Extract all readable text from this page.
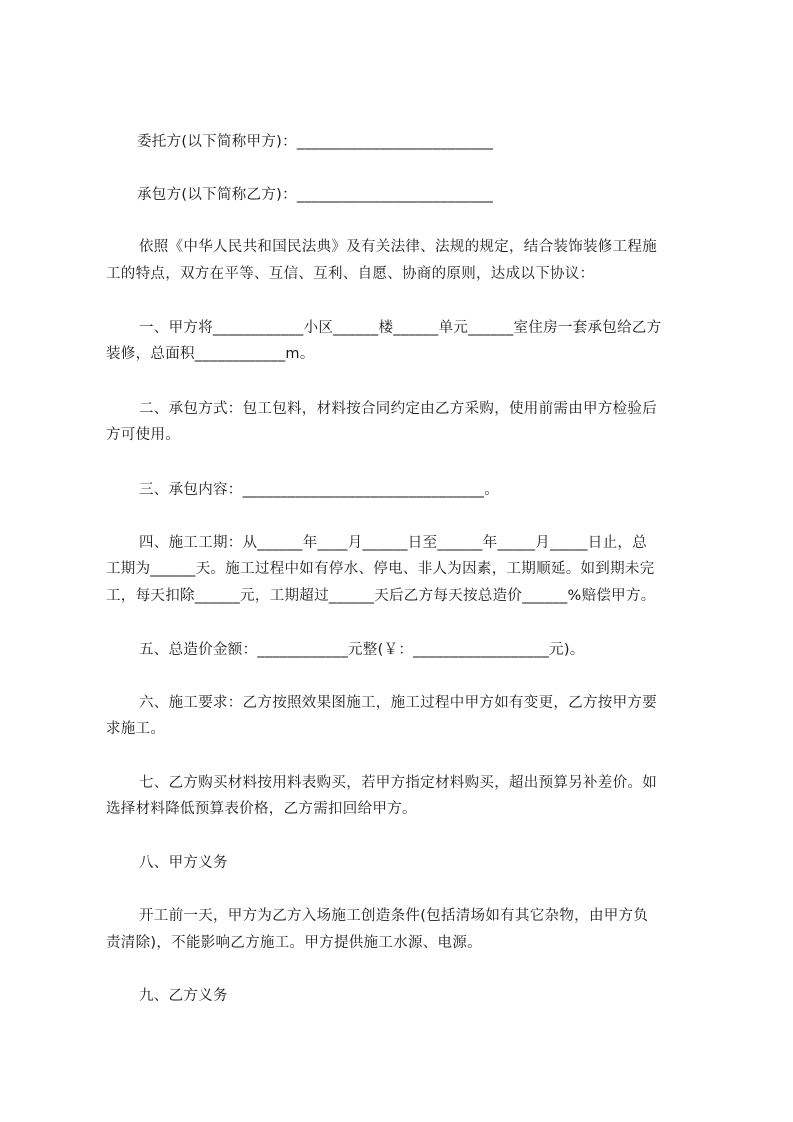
委托方(以下简称甲方)：__________________________
承包方(以下简称乙方)：__________________________
依照《中华人民共和国民法典》及有关法律、法规的规定，结合装饰装修工程施
工的特点，双方在平等、互信、互利、自愿、协商的原则，达成以下协议：
一、甲方将____________小区______楼______单元______室住房一套承包给乙方
装修，总面积____________m。
二、承包方式：包工包料，材料按合同约定由乙方采购，使用前需由甲方检验后
方可使用。
三、承包内容：________________________________。
四、施工工期：从______年____月______日至______年_____月_____日止，总
工期为______天。施工过程中如有停水、停电、非人为因素，工期顺延。如到期未完
工，每天扣除______元，工期超过______天后乙方每天按总造价______%赔偿甲方。
五、总造价金额：____________元整(￥：__________________元)。
六、施工要求：乙方按照效果图施工，施工过程中甲方如有变更，乙方按甲方要
求施工。
七、乙方购买材料按用料表购买，若甲方指定材料购买，超出预算另补差价。如
选择材料降低预算表价格，乙方需扣回给甲方。
八、甲方义务
开工前一天，甲方为乙方入场施工创造条件(包括清场如有其它杂物，由甲方负
责清除)，不能影响乙方施工。甲方提供施工水源、电源。
九、乙方义务
